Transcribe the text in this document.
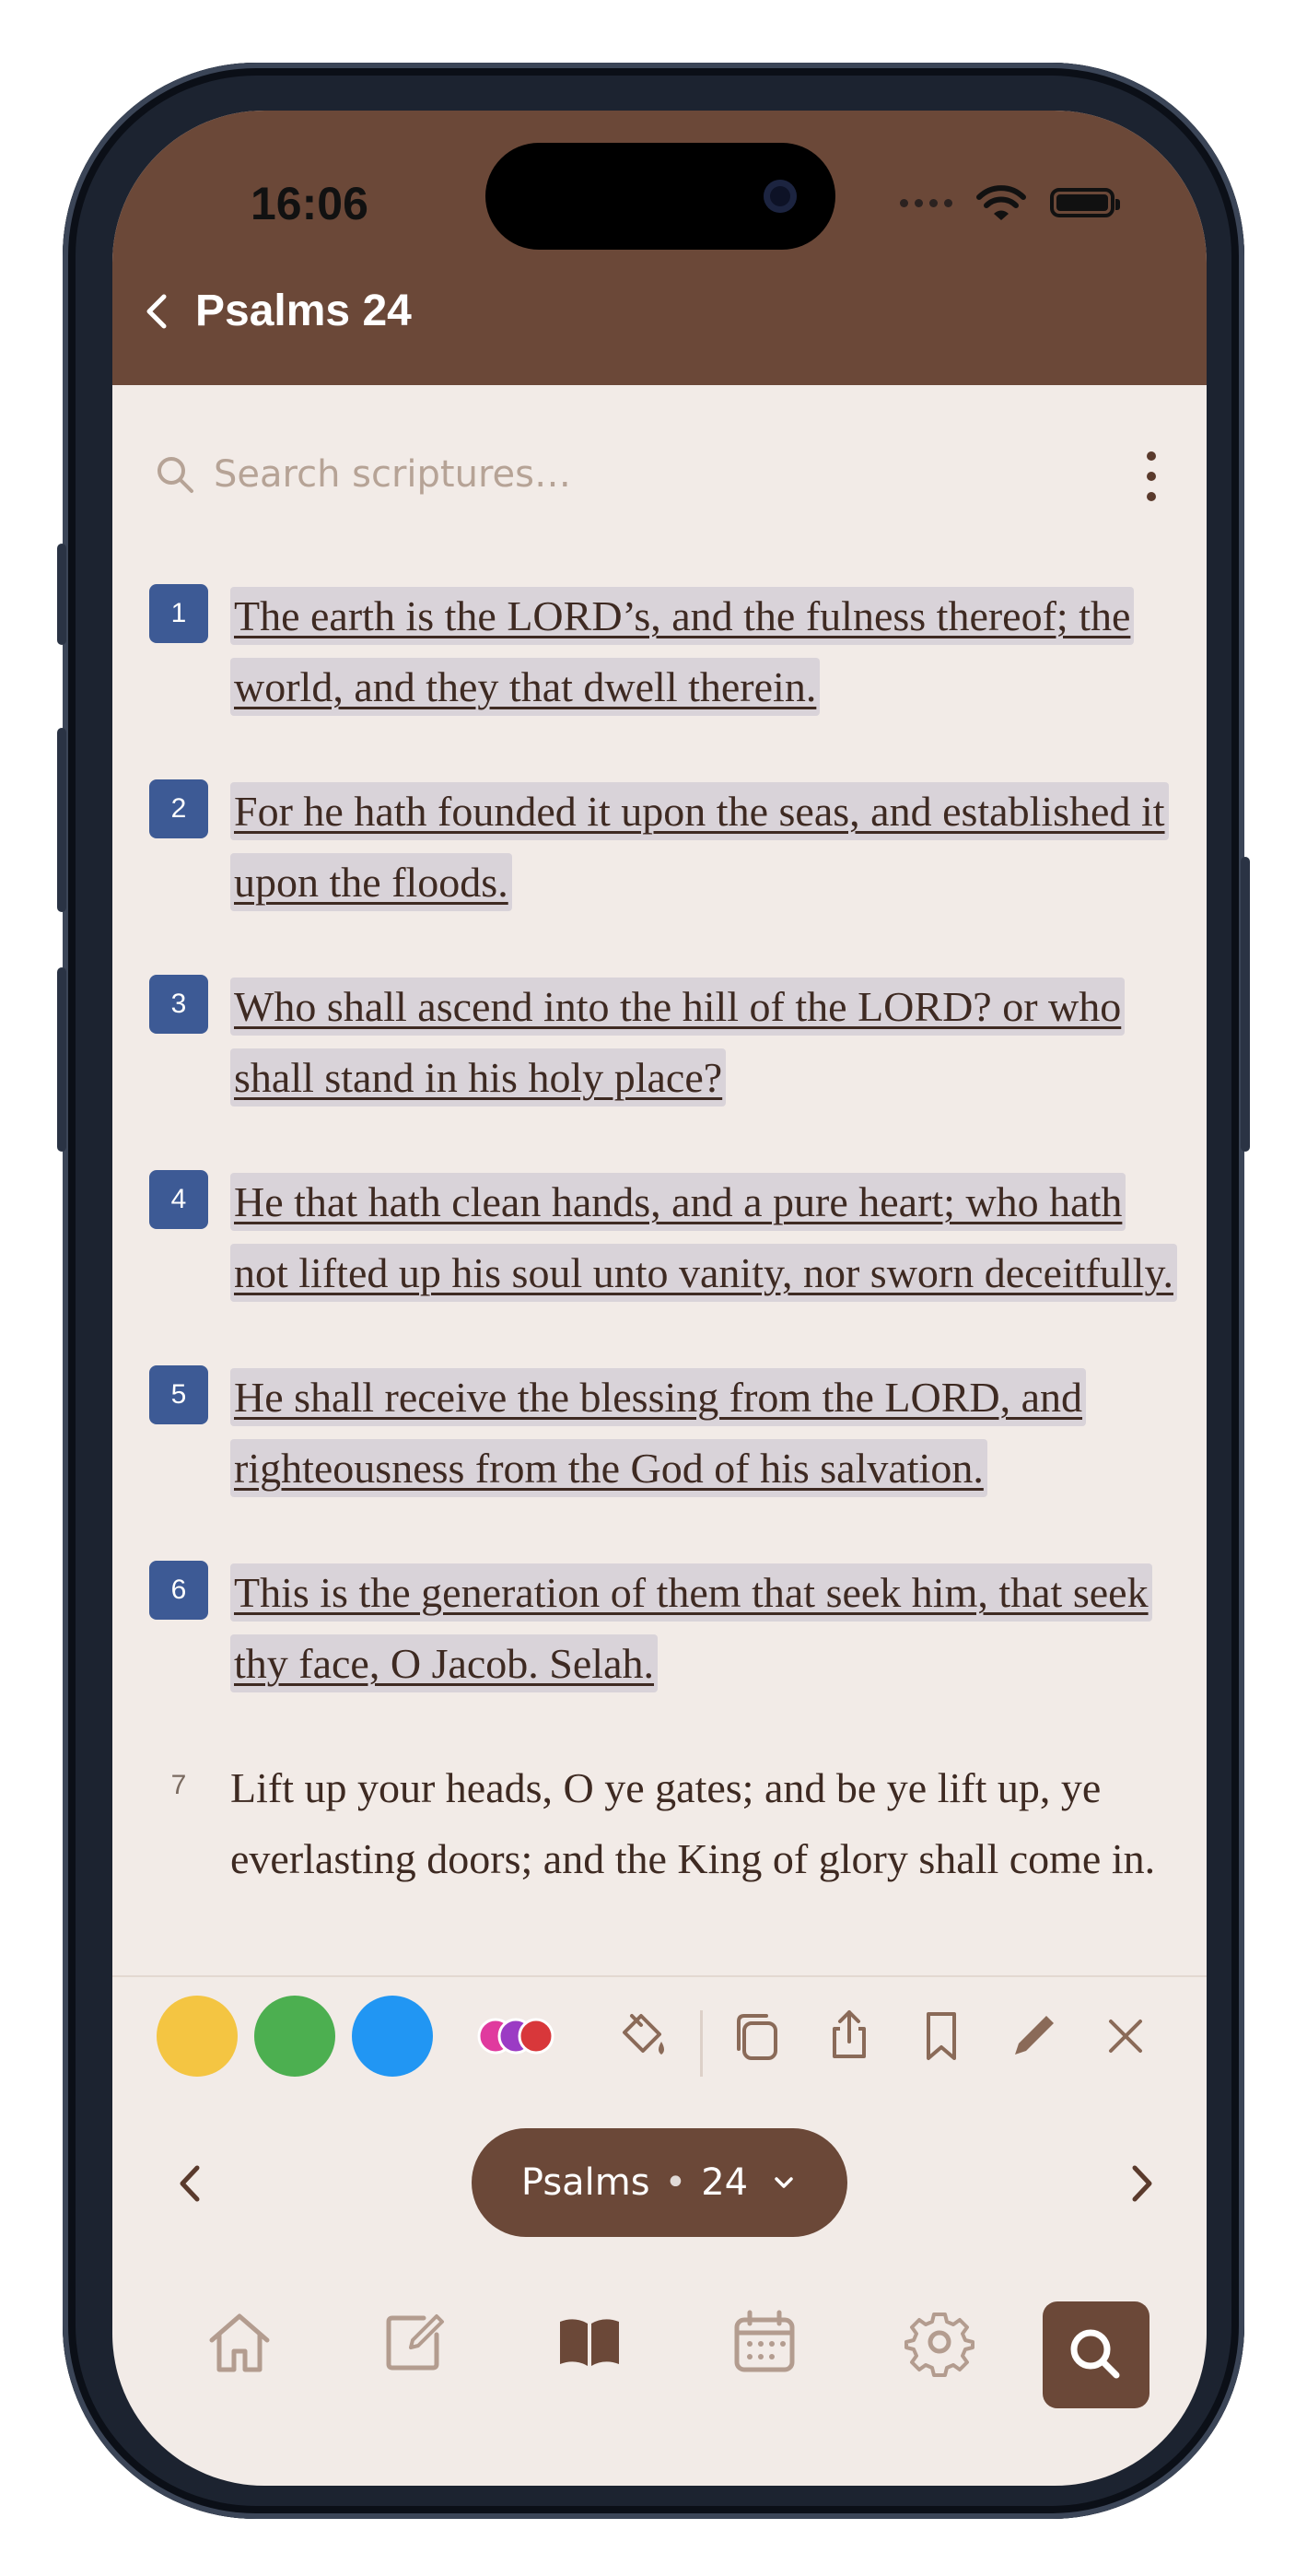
16:06
Psalms 24
Search scriptures…
1	The earth is the LORD’s, and the fulness thereof; the world, and they that dwell therein.
2	For he hath founded it upon the seas, and established it upon the floods.
3	Who shall ascend into the hill of the LORD? or who shall stand in his holy place?
4	He that hath clean hands, and a pure heart; who hath not lifted up his soul unto vanity, nor sworn deceitfully.
5	He shall receive the blessing from the LORD, and righteousness from the God of his salvation.
6	This is the generation of them that seek him, that seek thy face, O Jacob. Selah.
7	Lift up your heads, O ye gates; and be ye lift up, ye everlasting doors; and the King of glory shall come in.
Psalms • 24
